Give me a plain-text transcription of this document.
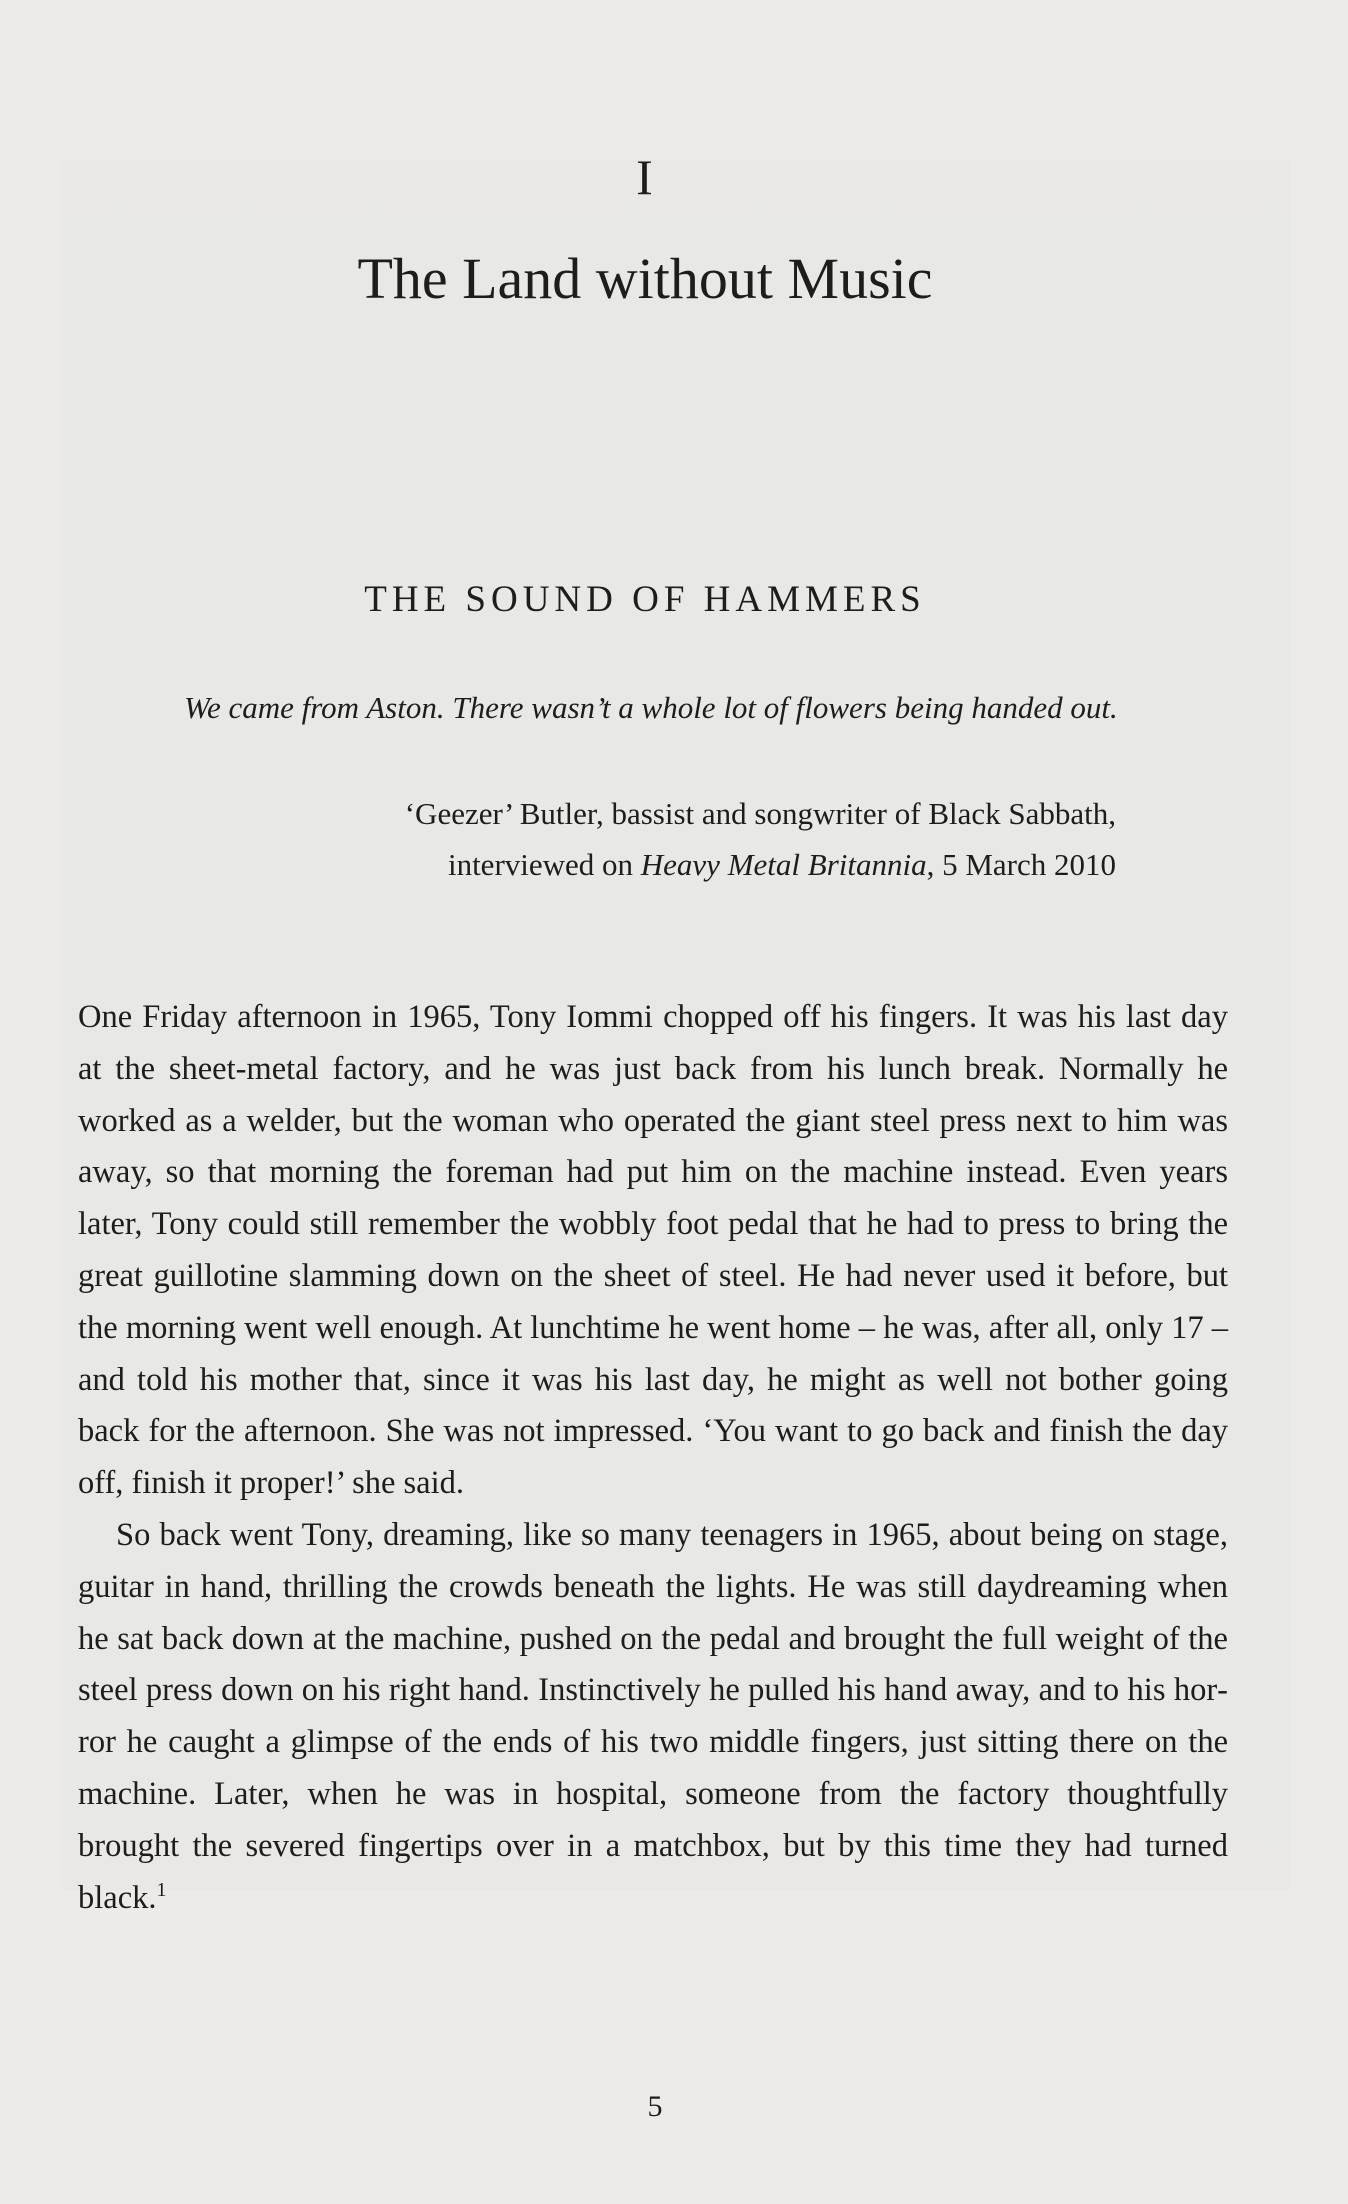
I
The Land without Music
THE SOUND OF HAMMERS
We came from Aston. There wasn’t a whole lot of flowers being handed out.
‘Geezer’ Butler, bassist and songwriter of Black Sabbath,
interviewed on Heavy Metal Britannia, 5 March 2010

One Friday afternoon in 1965, Tony Iommi chopped off his fingers. It was his last day at the sheet-metal factory, and he was just back from his lunch break. Normally he worked as a welder, but the woman who operated the giant steel press next to him was away, so that morning the foreman had put him on the machine instead. Even years later, Tony could still remember the wobbly foot pedal that he had to press to bring the great guillotine slamming down on the sheet of steel. He had never used it before, but the morning went well enough. At lunchtime he went home – he was, after all, only 17 – and told his mother that, since it was his last day, he might as well not bother going back for the afternoon. She was not impressed. ‘You want to go back and finish the day off, finish it proper!’ she said.

So back went Tony, dreaming, like so many teenagers in 1965, about being on stage, guitar in hand, thrilling the crowds beneath the lights. He was still daydreaming when he sat back down at the machine, pushed on the pedal and brought the full weight of the steel press down on his right hand. Instinctively he pulled his hand away, and to his horror he caught a glimpse of the ends of his two middle fingers, just sitting there on the machine. Later, when he was in hospital, someone from the factory thoughtfully brought the severed fingertips over in a matchbox, but by this time they had turned black.$^1$

5
